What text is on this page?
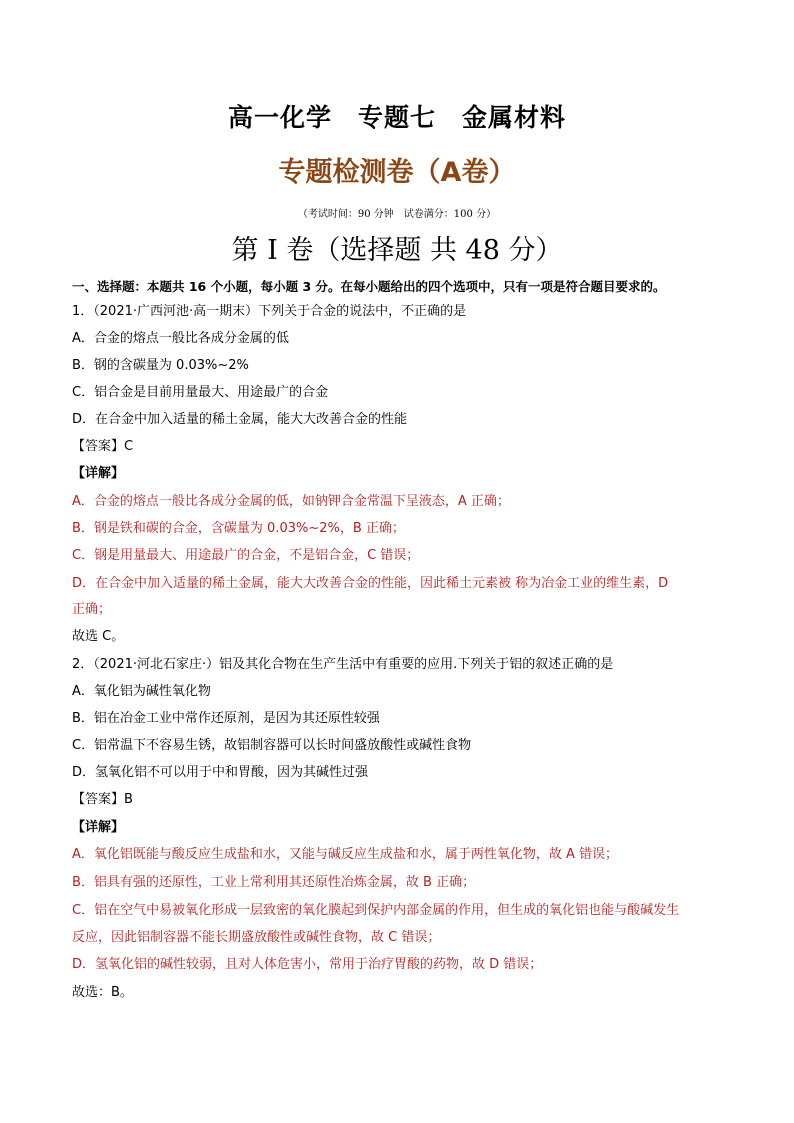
高一化学　专题七　金属材料
专题检测卷（A卷）
（考试时间：90 分钟　试卷满分：100 分）
第 I 卷（选择题 共 48 分）
一、选择题：本题共 16 个小题，每小题 3 分。在每小题给出的四个选项中，只有一项是符合题目要求的。
1．（2021·广西河池·高一期末）下列关于合金的说法中，不正确的是
A．合金的熔点一般比各成分金属的低
B．钢的含碳量为 0.03%~2%
C．铝合金是目前用量最大、用途最广的合金
D．在合金中加入适量的稀土金属，能大大改善合金的性能
【答案】C
【详解】
A．合金的熔点一般比各成分金属的低，如钠钾合金常温下呈液态，A 正确；
B．钢是铁和碳的合金，含碳量为 0.03%~2%，B 正确；
C．钢是用量最大、用途最广的合金，不是铝合金，C 错误；
D．在合金中加入适量的稀土金属，能大大改善合金的性能，因此稀土元素被 称为冶金工业的维生素，D
正确；
故选 C。
2．（2021·河北石家庄·）铝及其化合物在生产生活中有重要的应用.下列关于铝的叙述正确的是
A．氧化铝为碱性氧化物
B．铝在冶金工业中常作还原剂，是因为其还原性较强
C．铝常温下不容易生锈，故铝制容器可以长时间盛放酸性或碱性食物
D．氢氧化铝不可以用于中和胃酸，因为其碱性过强
【答案】B
【详解】
A．氧化铝既能与酸反应生成盐和水，又能与碱反应生成盐和水，属于两性氧化物，故 A 错误；
B．铝具有强的还原性，工业上常利用其还原性冶炼金属，故 B 正确；
C．铝在空气中易被氧化形成一层致密的氧化膜起到保护内部金属的作用，但生成的氧化铝也能与酸碱发生
反应，因此铝制容器不能长期盛放酸性或碱性食物，故 C 错误；
D．氢氧化铝的碱性较弱，且对人体危害小，常用于治疗胃酸的药物，故 D 错误；
故选：B。
